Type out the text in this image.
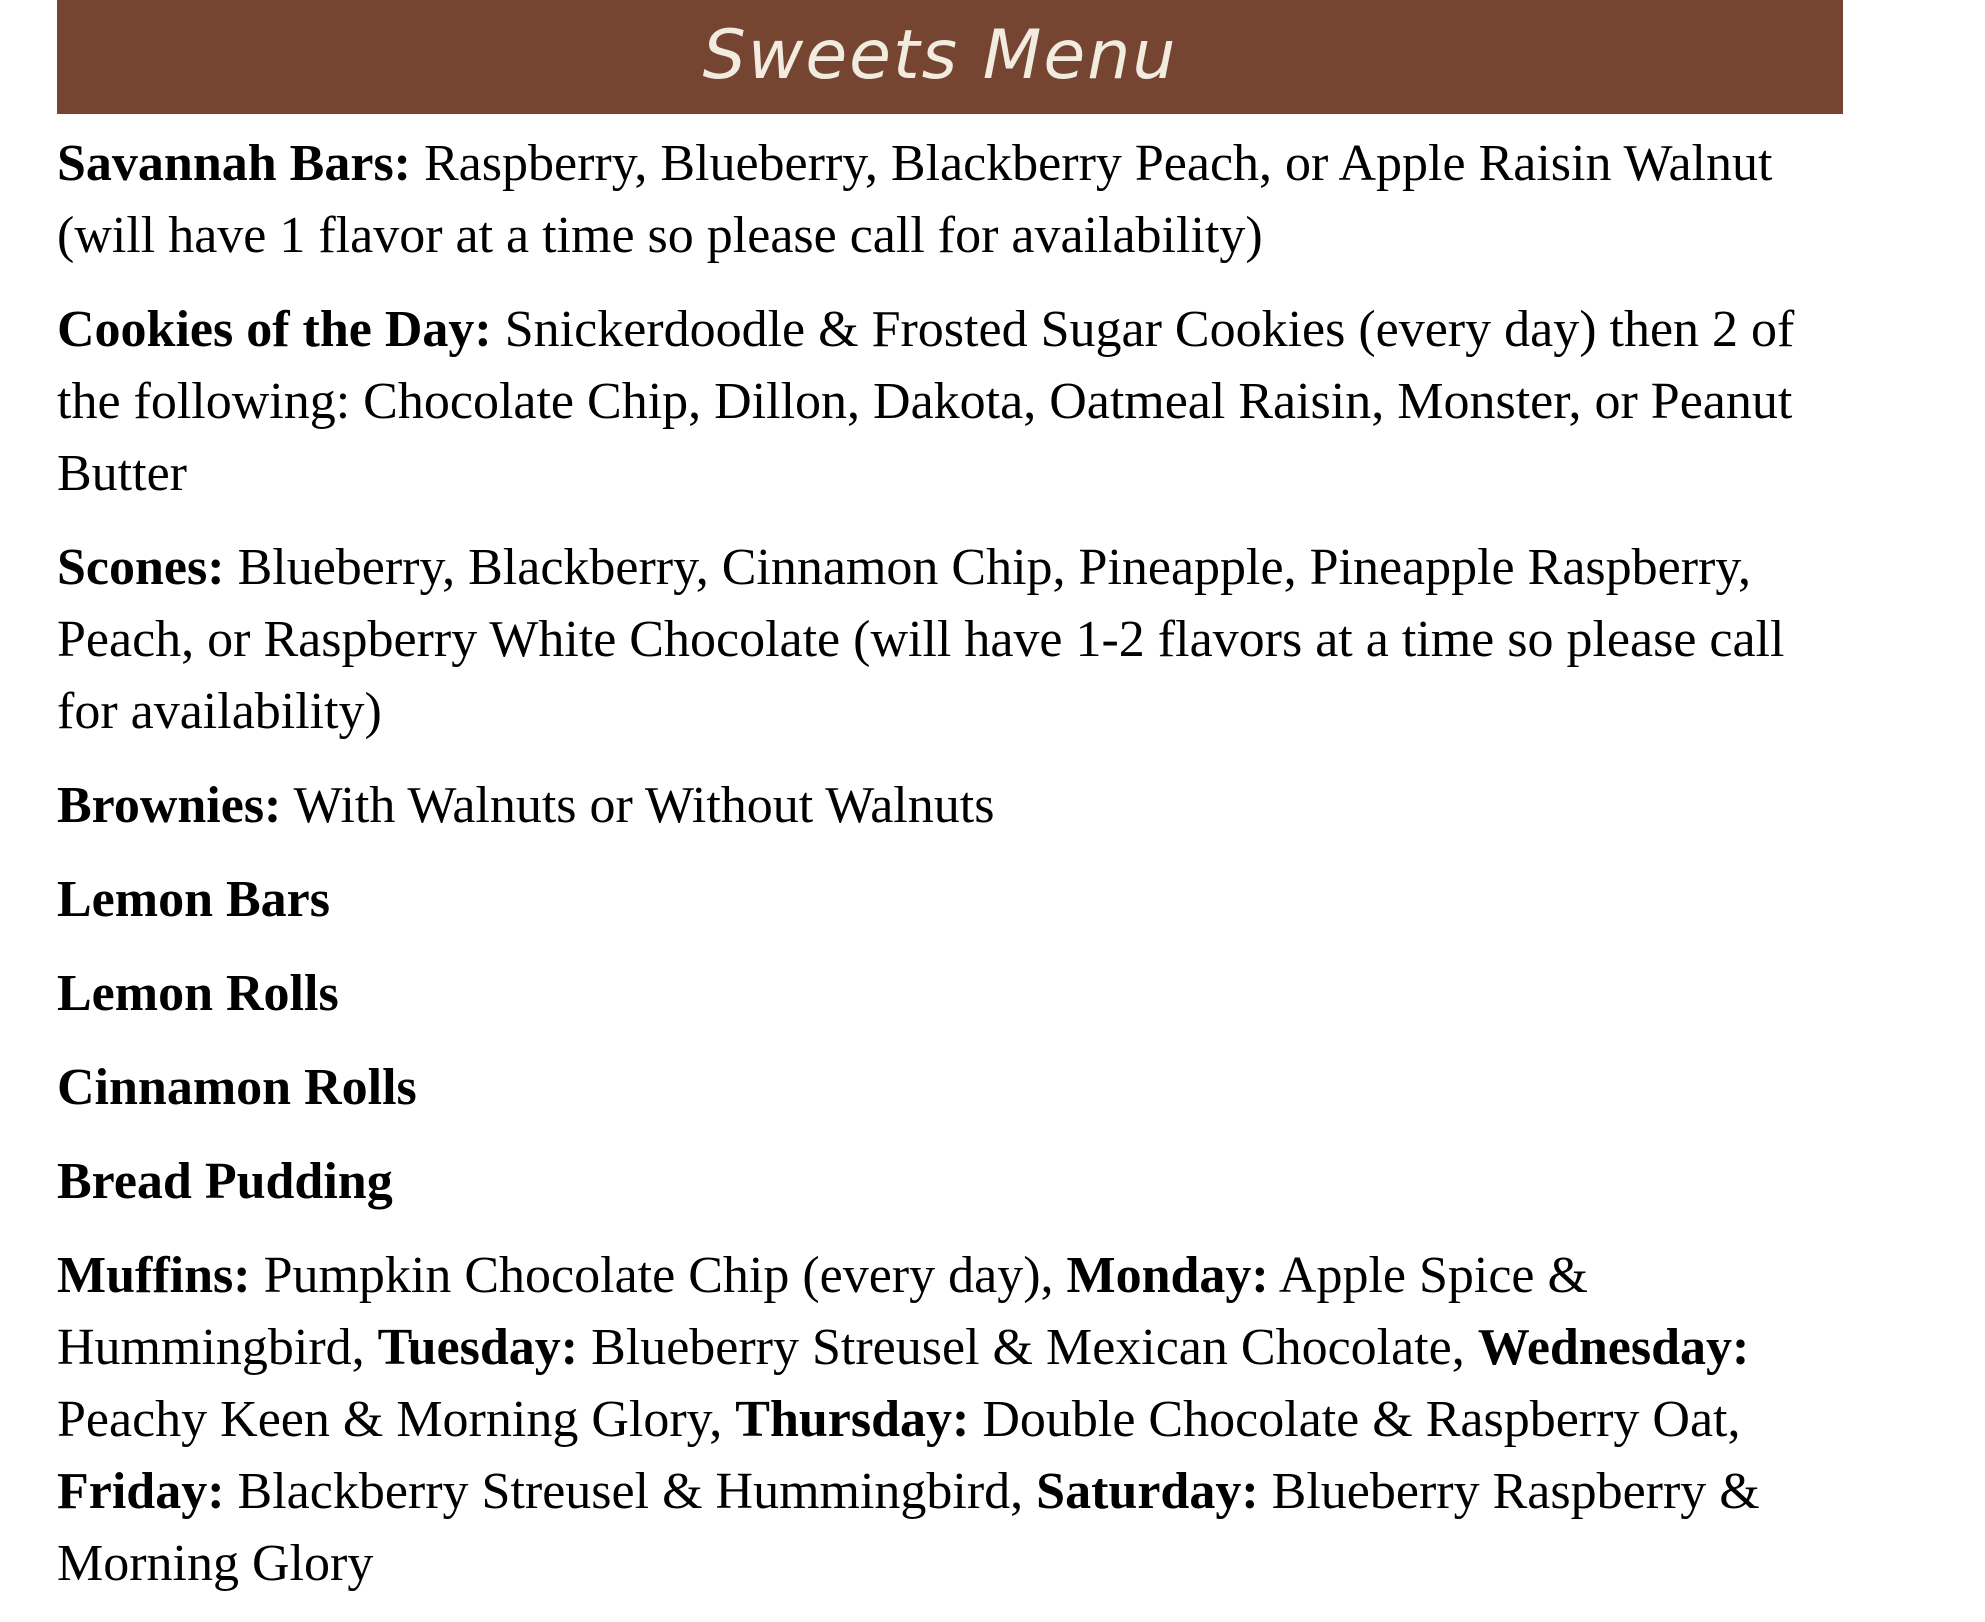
Sweets Menu

Savannah Bars: Raspberry, Blueberry, Blackberry Peach, or Apple Raisin Walnut (will have 1 flavor at a time so please call for availability)

Cookies of the Day: Snickerdoodle & Frosted Sugar Cookies (every day) then 2 of the following: Chocolate Chip, Dillon, Dakota, Oatmeal Raisin, Monster, or Peanut Butter

Scones: Blueberry, Blackberry, Cinnamon Chip, Pineapple, Pineapple Raspberry, Peach, or Raspberry White Chocolate (will have 1-2 flavors at a time so please call for availability)

Brownies: With Walnuts or Without Walnuts

Lemon Bars

Lemon Rolls

Cinnamon Rolls

Bread Pudding

Muffins: Pumpkin Chocolate Chip (every day), Monday: Apple Spice & Hummingbird, Tuesday: Blueberry Streusel & Mexican Chocolate, Wednesday: Peachy Keen & Morning Glory, Thursday: Double Chocolate & Raspberry Oat, Friday: Blackberry Streusel & Hummingbird, Saturday: Blueberry Raspberry & Morning Glory
